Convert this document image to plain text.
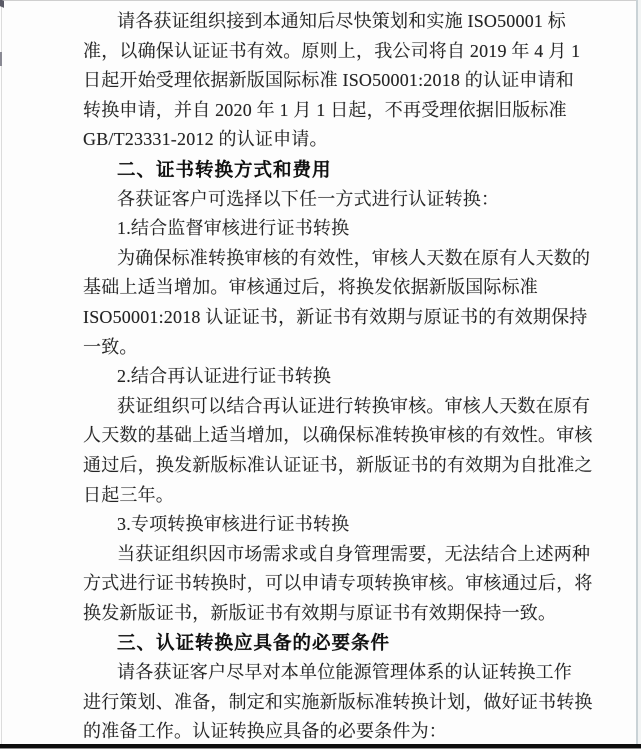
请各获证组织接到本通知后尽快策划和实施 ISO50001 标
准，以确保认证证书有效。原则上，我公司将自 2019 年 4 月 1
日起开始受理依据新版国际标准 ISO50001:2018 的认证申请和
转换申请，并自 2020 年 1 月 1 日起，不再受理依据旧版标准
GB/T23331-2012 的认证申请。
二、证书转换方式和费用
各获证客户可选择以下任一方式进行认证转换：
1.结合监督审核进行证书转换
为确保标准转换审核的有效性，审核人天数在原有人天数的
基础上适当增加。审核通过后，将换发依据新版国际标准
ISO50001:2018 认证证书，新证书有效期与原证书的有效期保持
一致。
2.结合再认证进行证书转换
获证组织可以结合再认证进行转换审核。审核人天数在原有
人天数的基础上适当增加，以确保标准转换审核的有效性。审核
通过后，换发新版标准认证证书，新版证书的有效期为自批准之
日起三年。
3.专项转换审核进行证书转换
当获证组织因市场需求或自身管理需要，无法结合上述两种
方式进行证书转换时，可以申请专项转换审核。审核通过后，将
换发新版证书，新版证书有效期与原证书有效期保持一致。
三、认证转换应具备的必要条件
请各获证客户尽早对本单位能源管理体系的认证转换工作
进行策划、准备，制定和实施新版标准转换计划，做好证书转换
的准备工作。认证转换应具备的必要条件为：
